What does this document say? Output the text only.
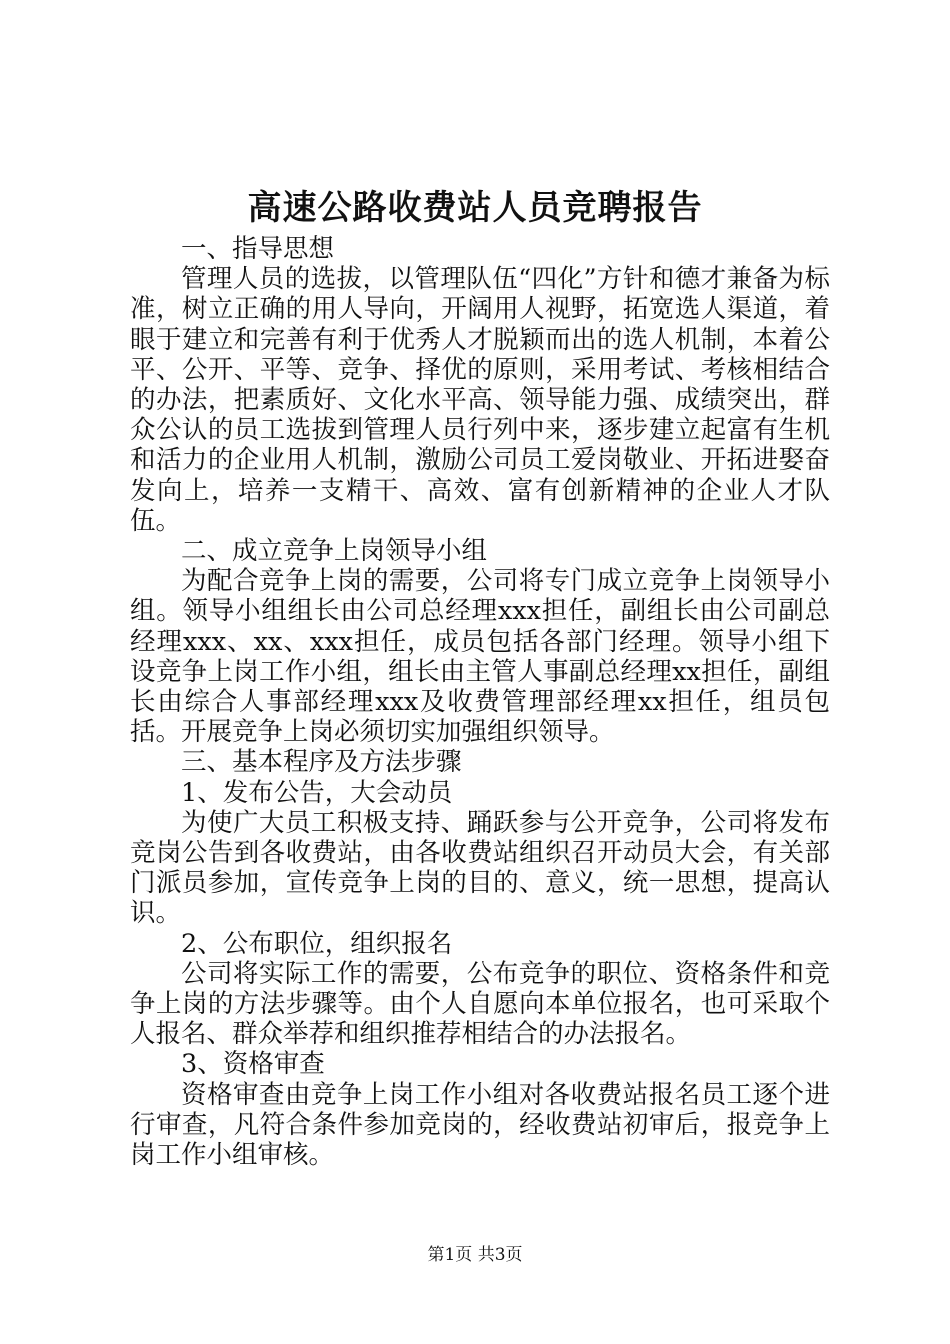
高速公路收费站人员竞聘报告

一、指导思想

管理人员的选拔，以管理队伍“四化”方针和德才兼备为标准，树立正确的用人导向，开阔用人视野，拓宽选人渠道，着眼于建立和完善有利于优秀人才脱颖而出的选人机制，本着公平、公开、平等、竞争、择优的原则，采用考试、考核相结合的办法，把素质好、文化水平高、领导能力强、成绩突出，群众公认的员工选拔到管理人员行列中来，逐步建立起富有生机和活力的企业用人机制，激励公司员工爱岗敬业、开拓进娶奋发向上，培养一支精干、高效、富有创新精神的企业人才队伍。

二、成立竞争上岗领导小组

为配合竞争上岗的需要，公司将专门成立竞争上岗领导小组。领导小组组长由公司总经理xxx担任，副组长由公司副总经理xxx、xx、xxx担任，成员包括各部门经理。领导小组下设竞争上岗工作小组，组长由主管人事副总经理xx担任，副组长由综合人事部经理xxx及收费管理部经理xx担任，组员包括。开展竞争上岗必须切实加强组织领导。

三、基本程序及方法步骤

1、发布公告，大会动员

为使广大员工积极支持、踊跃参与公开竞争，公司将发布竞岗公告到各收费站，由各收费站组织召开动员大会，有关部门派员参加，宣传竞争上岗的目的、意义，统一思想，提高认识。

2、公布职位，组织报名

公司将实际工作的需要，公布竞争的职位、资格条件和竞争上岗的方法步骤等。由个人自愿向本单位报名，也可采取个人报名、群众举荐和组织推荐相结合的办法报名。

3、资格审查

资格审查由竞争上岗工作小组对各收费站报名员工逐个进行审查，凡符合条件参加竞岗的，经收费站初审后，报竞争上岗工作小组审核。

第1页 共3页
